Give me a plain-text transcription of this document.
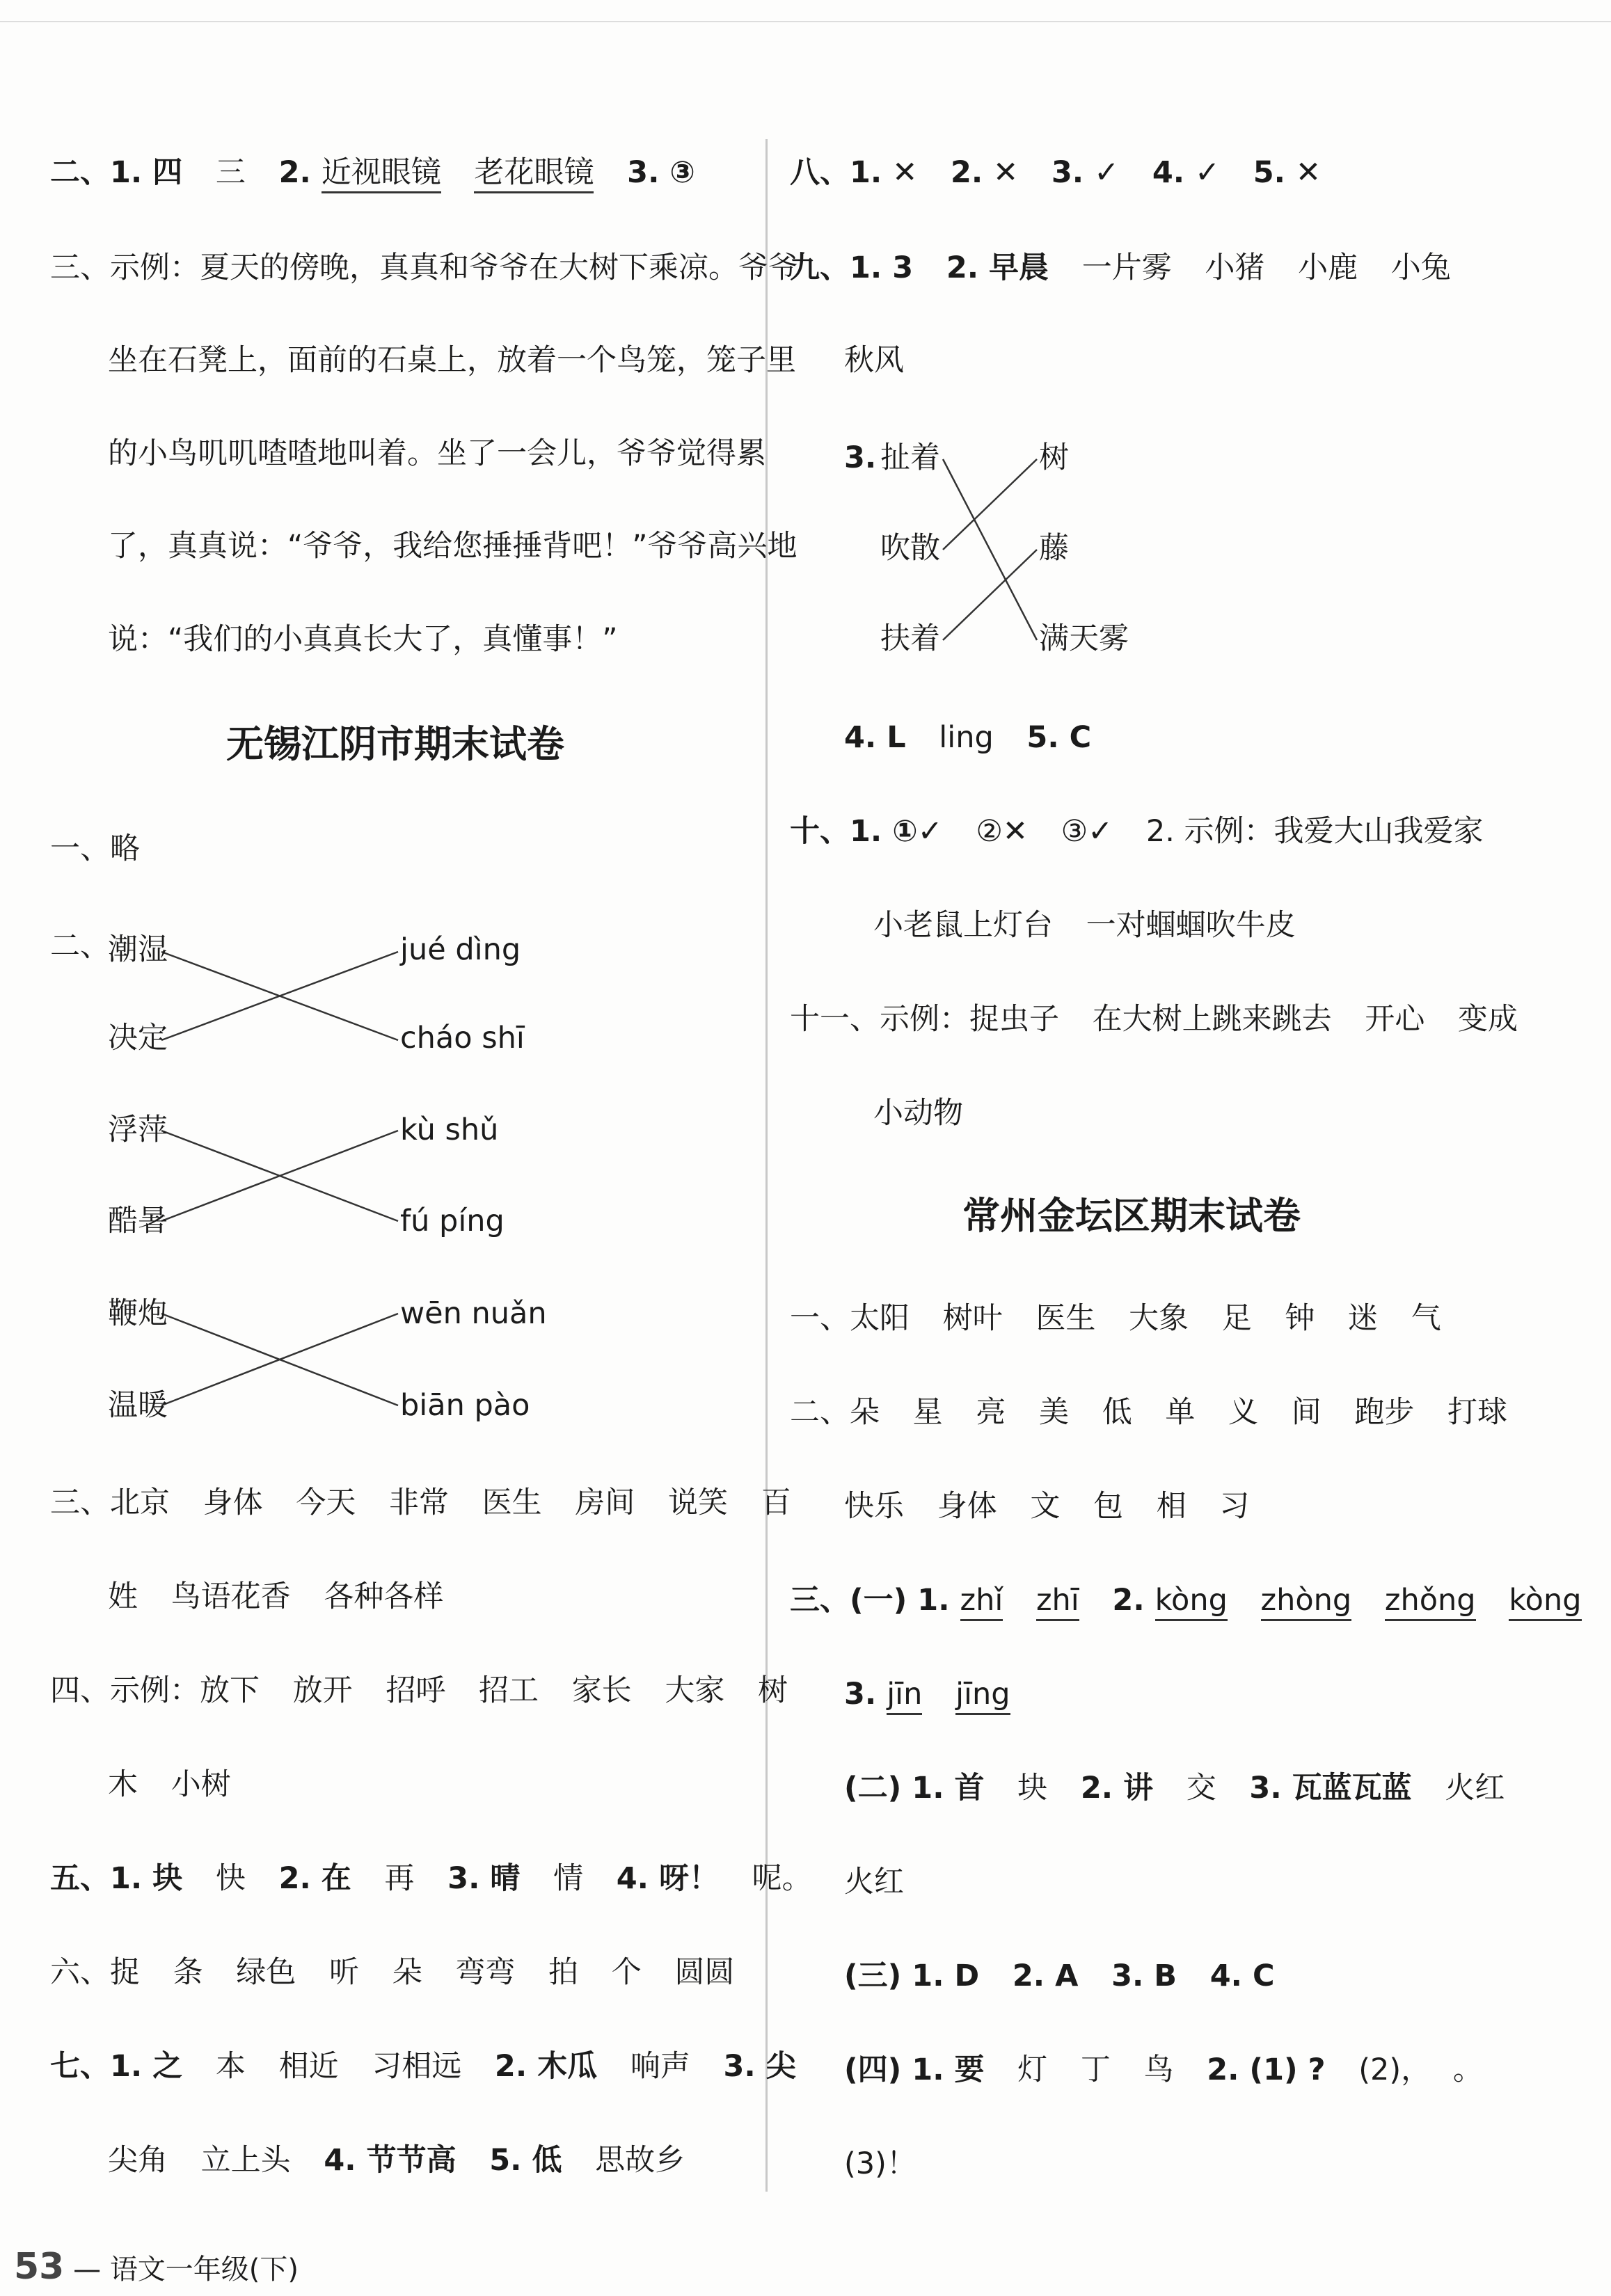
二、1. 四 三 2. 近视眼镜 老花眼镜 3. ③
三、示例：夏天的傍晚，真真和爷爷在大树下乘凉。爷爷
坐在石凳上，面前的石桌上，放着一个鸟笼，笼子里
的小鸟叽叽喳喳地叫着。坐了一会儿，爷爷觉得累
了，真真说：“爷爷，我给您捶捶背吧！”爷爷高兴地
说：“我们的小真真长大了，真懂事！”
无锡江阴市期末试卷
一、略
二、
潮湿	jué dìng
决定	cháo shī
浮萍	kù shǔ
酷暑	fú píng
鞭炮	wēn nuǎn
温暖	biān pào
三、北京 身体 今天 非常 医生 房间 说笑 百
姓 鸟语花香 各种各样
四、示例：放下 放开 招呼 招工 家长 大家 树
木 小树
五、1. 块 快 2. 在 再 3. 晴 情 4. 呀！ 呢。
六、捉 条 绿色 听 朵 弯弯 拍 个 圆圆
七、1. 之 本 相近 习相远 2. 木瓜 响声 3. 尖
尖角 立上头 4. 节节高 5. 低 思故乡
八、1. ✕ 2. ✕ 3. ✓ 4. ✓ 5. ✕
九、1. 3 2. 早晨 一片雾 小猪 小鹿 小兔
秋风
3. 扯着	树
吹散	藤
扶着	满天雾
4. L ling 5. C
十、1. ①✓ ②✕ ③✓ 2. 示例：我爱大山我爱家
小老鼠上灯台 一对蝈蝈吹牛皮
十一、示例：捉虫子 在大树上跳来跳去 开心 变成
小动物
常州金坛区期末试卷
一、太阳 树叶 医生 大象 足 钟 迷 气
二、朵 星 亮 美 低 单 义 间 跑步 打球
快乐 身体 文 包 相 习
三、(一) 1. zhǐ zhī 2. kòng zhòng zhǒng kòng
3. jīn jīng
(二) 1. 首 块 2. 讲 交 3. 瓦蓝瓦蓝 火红
火红
(三) 1. D 2. A 3. B 4. C
(四) 1. 要 灯 丁 鸟 2. (1) ? (2)， 。
(3)！
53 — 语文一年级(下)
